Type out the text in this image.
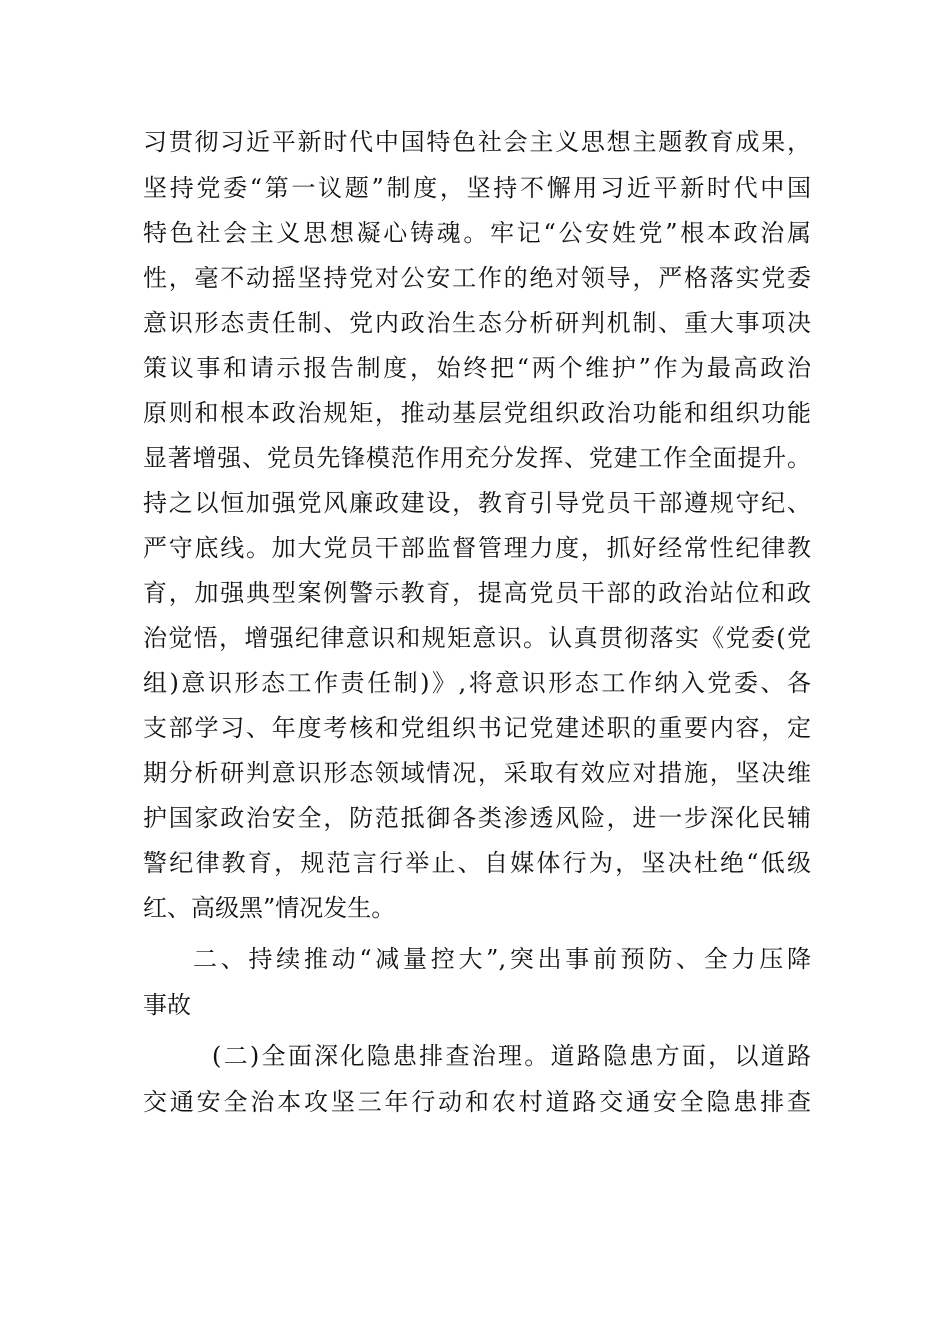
习贯彻习近平新时代中国特色社会主义思想主题教育成果，
坚持党委“第一议题”制度，坚持不懈用习近平新时代中国
特色社会主义思想凝心铸魂。牢记“公安姓党”根本政治属
性，毫不动摇坚持党对公安工作的绝对领导，严格落实党委
意识形态责任制、党内政治生态分析研判机制、重大事项决
策议事和请示报告制度，始终把“两个维护”作为最高政治
原则和根本政治规矩，推动基层党组织政治功能和组织功能
显著增强、党员先锋模范作用充分发挥、党建工作全面提升。
持之以恒加强党风廉政建设，教育引导党员干部遵规守纪、
严守底线。加大党员干部监督管理力度，抓好经常性纪律教
育，加强典型案例警示教育，提高党员干部的政治站位和政
治觉悟，增强纪律意识和规矩意识。认真贯彻落实《党委(党
组)意识形态工作责任制)》,将意识形态工作纳入党委、各
支部学习、年度考核和党组织书记党建述职的重要内容，定
期分析研判意识形态领域情况，采取有效应对措施，坚决维
护国家政治安全，防范抵御各类渗透风险，进一步深化民辅
警纪律教育，规范言行举止、自媒体行为，坚决杜绝“低级
红、高级黑”情况发生。
二、持续推动“减量控大”,突出事前预防、全力压降
事故
(二)全面深化隐患排查治理。道路隐患方面，以道路
交通安全治本攻坚三年行动和农村道路交通安全隐患排查
